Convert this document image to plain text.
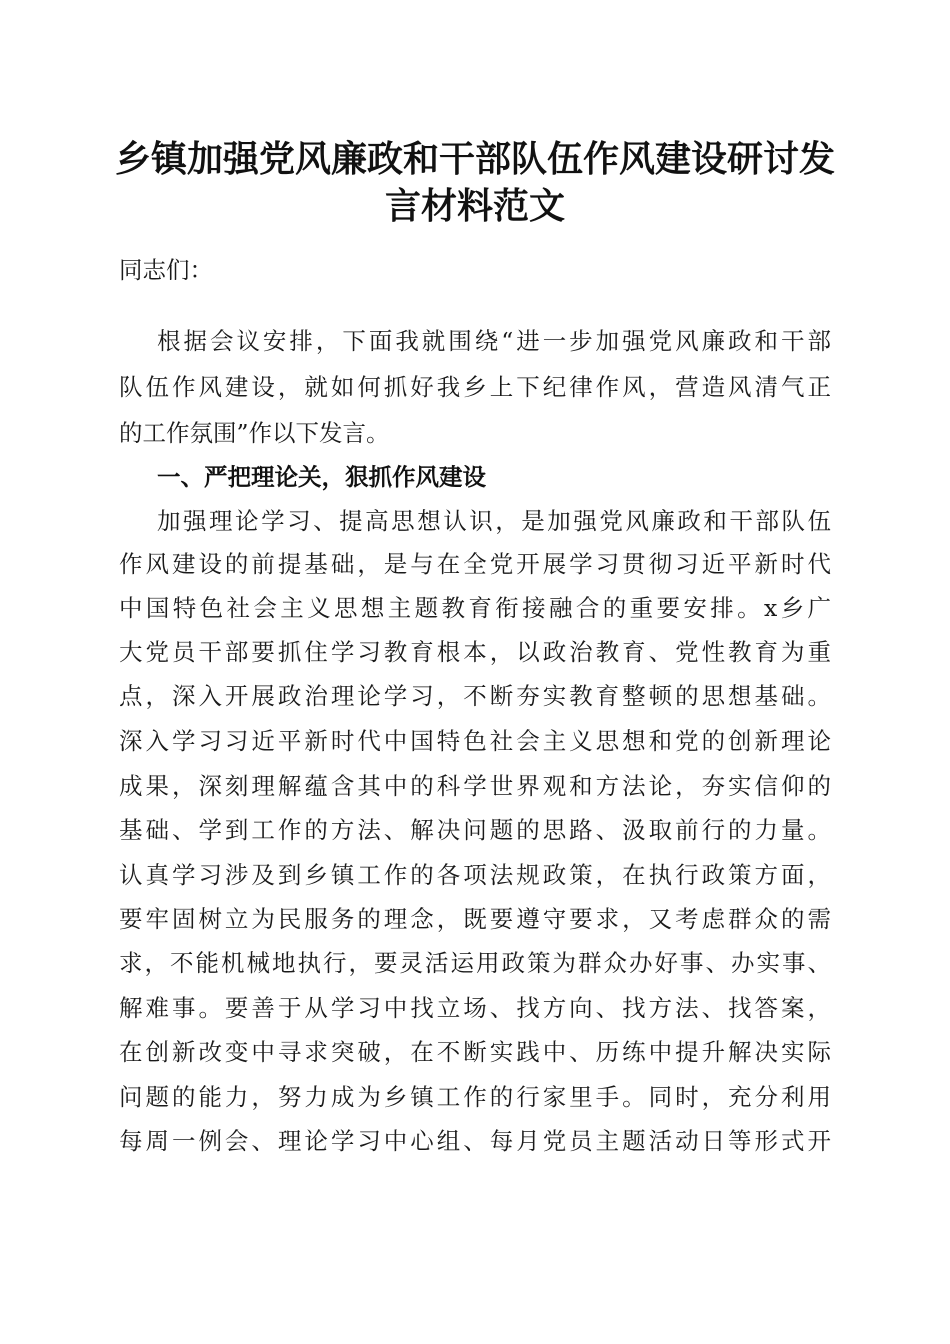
乡镇加强党风廉政和干部队伍作风建设研讨发
言材料范文
同志们：
根据会议安排，下面我就围绕“进一步加强党风廉政和干部
队伍作风建设，就如何抓好我乡上下纪律作风，营造风清气正
的工作氛围”作以下发言。
一、严把理论关，狠抓作风建设
加强理论学习、提高思想认识，是加强党风廉政和干部队伍
作风建设的前提基础，是与在全党开展学习贯彻习近平新时代
中国特色社会主义思想主题教育衔接融合的重要安排。x乡广
大党员干部要抓住学习教育根本，以政治教育、党性教育为重
点，深入开展政治理论学习，不断夯实教育整顿的思想基础。
深入学习习近平新时代中国特色社会主义思想和党的创新理论
成果，深刻理解蕴含其中的科学世界观和方法论，夯实信仰的
基础、学到工作的方法、解决问题的思路、汲取前行的力量。
认真学习涉及到乡镇工作的各项法规政策，在执行政策方面，
要牢固树立为民服务的理念，既要遵守要求，又考虑群众的需
求，不能机械地执行，要灵活运用政策为群众办好事、办实事、
解难事。要善于从学习中找立场、找方向、找方法、找答案，
在创新改变中寻求突破，在不断实践中、历练中提升解决实际
问题的能力，努力成为乡镇工作的行家里手。同时，充分利用
每周一例会、理论学习中心组、每月党员主题活动日等形式开
